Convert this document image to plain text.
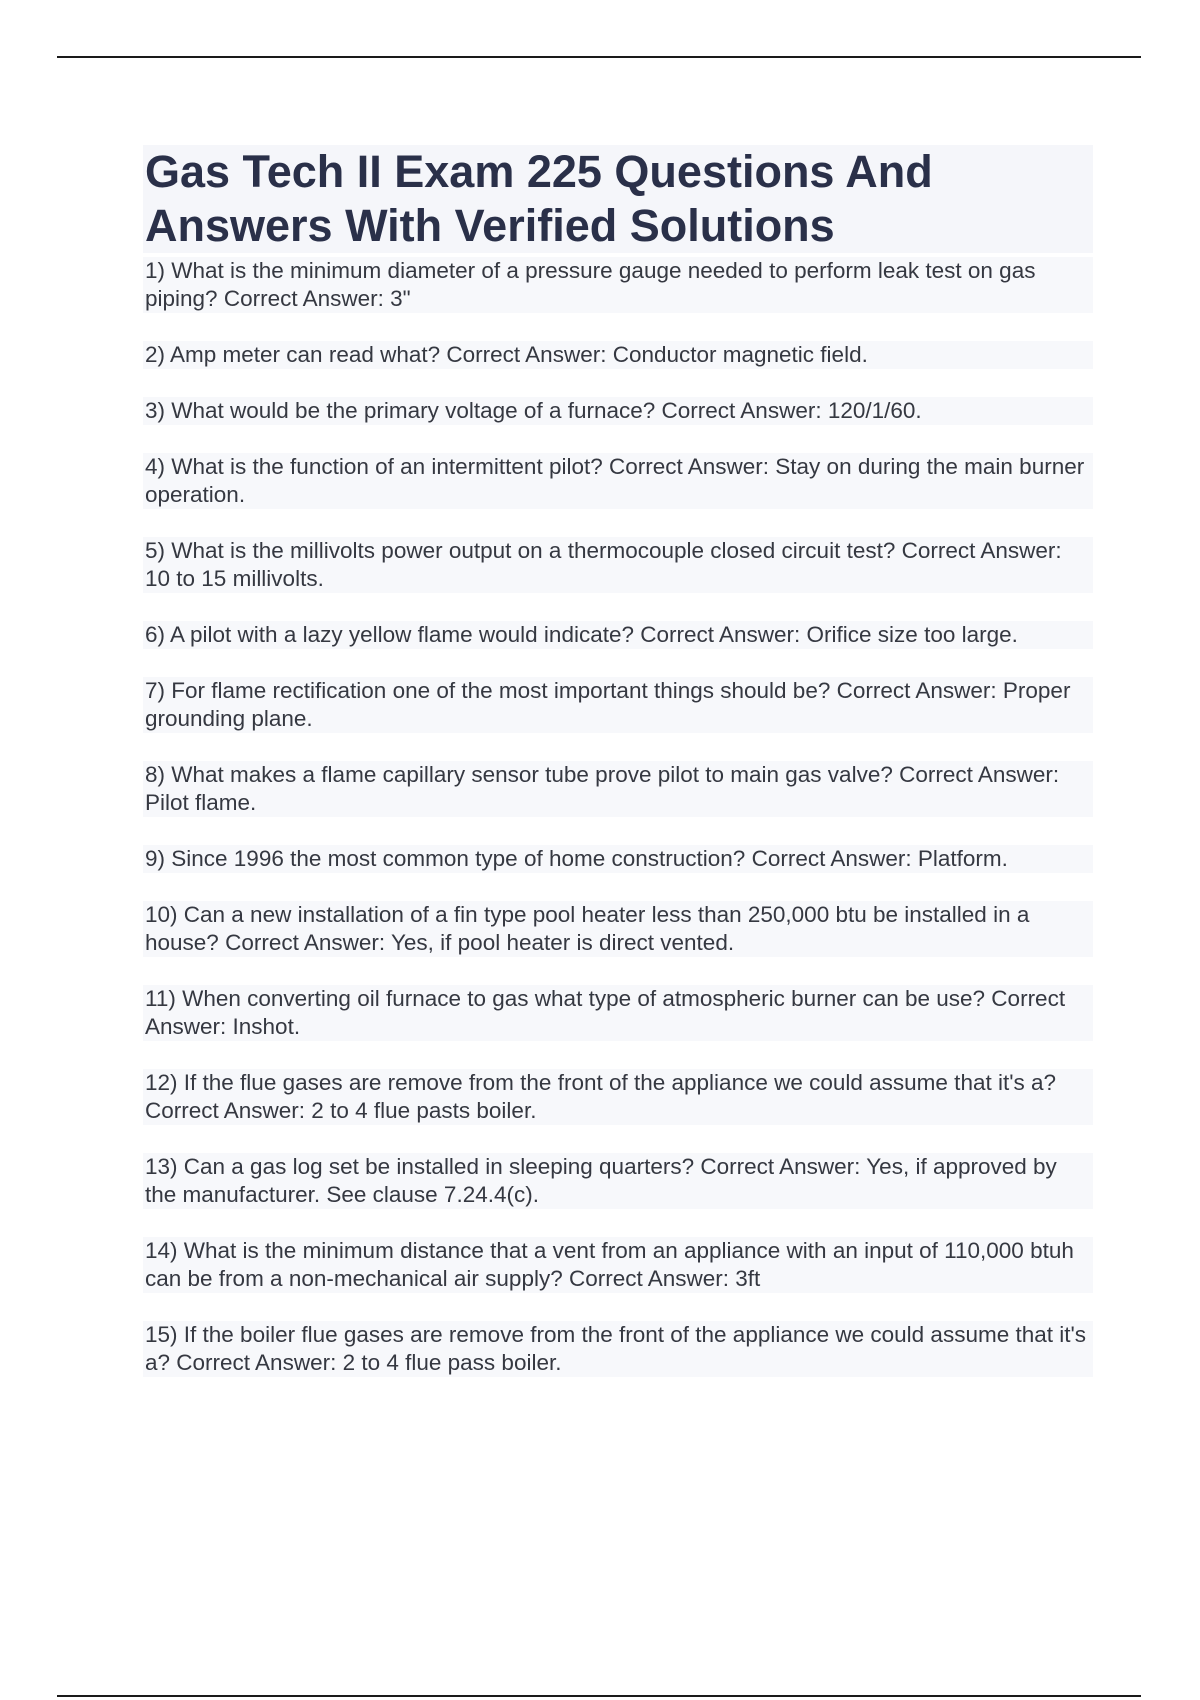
Gas Tech II Exam 225 Questions And Answers With Verified Solutions
1) What is the minimum diameter of a pressure gauge needed to perform leak test on gas piping? Correct Answer: 3"
2) Amp meter can read what? Correct Answer: Conductor magnetic field.
3) What would be the primary voltage of a furnace? Correct Answer: 120/1/60.
4) What is the function of an intermittent pilot? Correct Answer: Stay on during the main burner operation.
5) What is the millivolts power output on a thermocouple closed circuit test? Correct Answer: 10 to 15 millivolts.
6) A pilot with a lazy yellow flame would indicate? Correct Answer: Orifice size too large.
7) For flame rectification one of the most important things should be? Correct Answer: Proper grounding plane.
8) What makes a flame capillary sensor tube prove pilot to main gas valve? Correct Answer: Pilot flame.
9) Since 1996 the most common type of home construction? Correct Answer: Platform.
10) Can a new installation of a fin type pool heater less than 250,000 btu be installed in a house? Correct Answer: Yes, if pool heater is direct vented.
11) When converting oil furnace to gas what type of atmospheric burner can be use? Correct Answer: Inshot.
12) If the flue gases are remove from the front of the appliance we could assume that it's a? Correct Answer: 2 to 4 flue pasts boiler.
13) Can a gas log set be installed in sleeping quarters? Correct Answer: Yes, if approved by the manufacturer. See clause 7.24.4(c).
14) What is the minimum distance that a vent from an appliance with an input of 110,000 btuh can be from a non-mechanical air supply? Correct Answer: 3ft
15) If the boiler flue gases are remove from the front of the appliance we could assume that it's a? Correct Answer: 2 to 4 flue pass boiler.
